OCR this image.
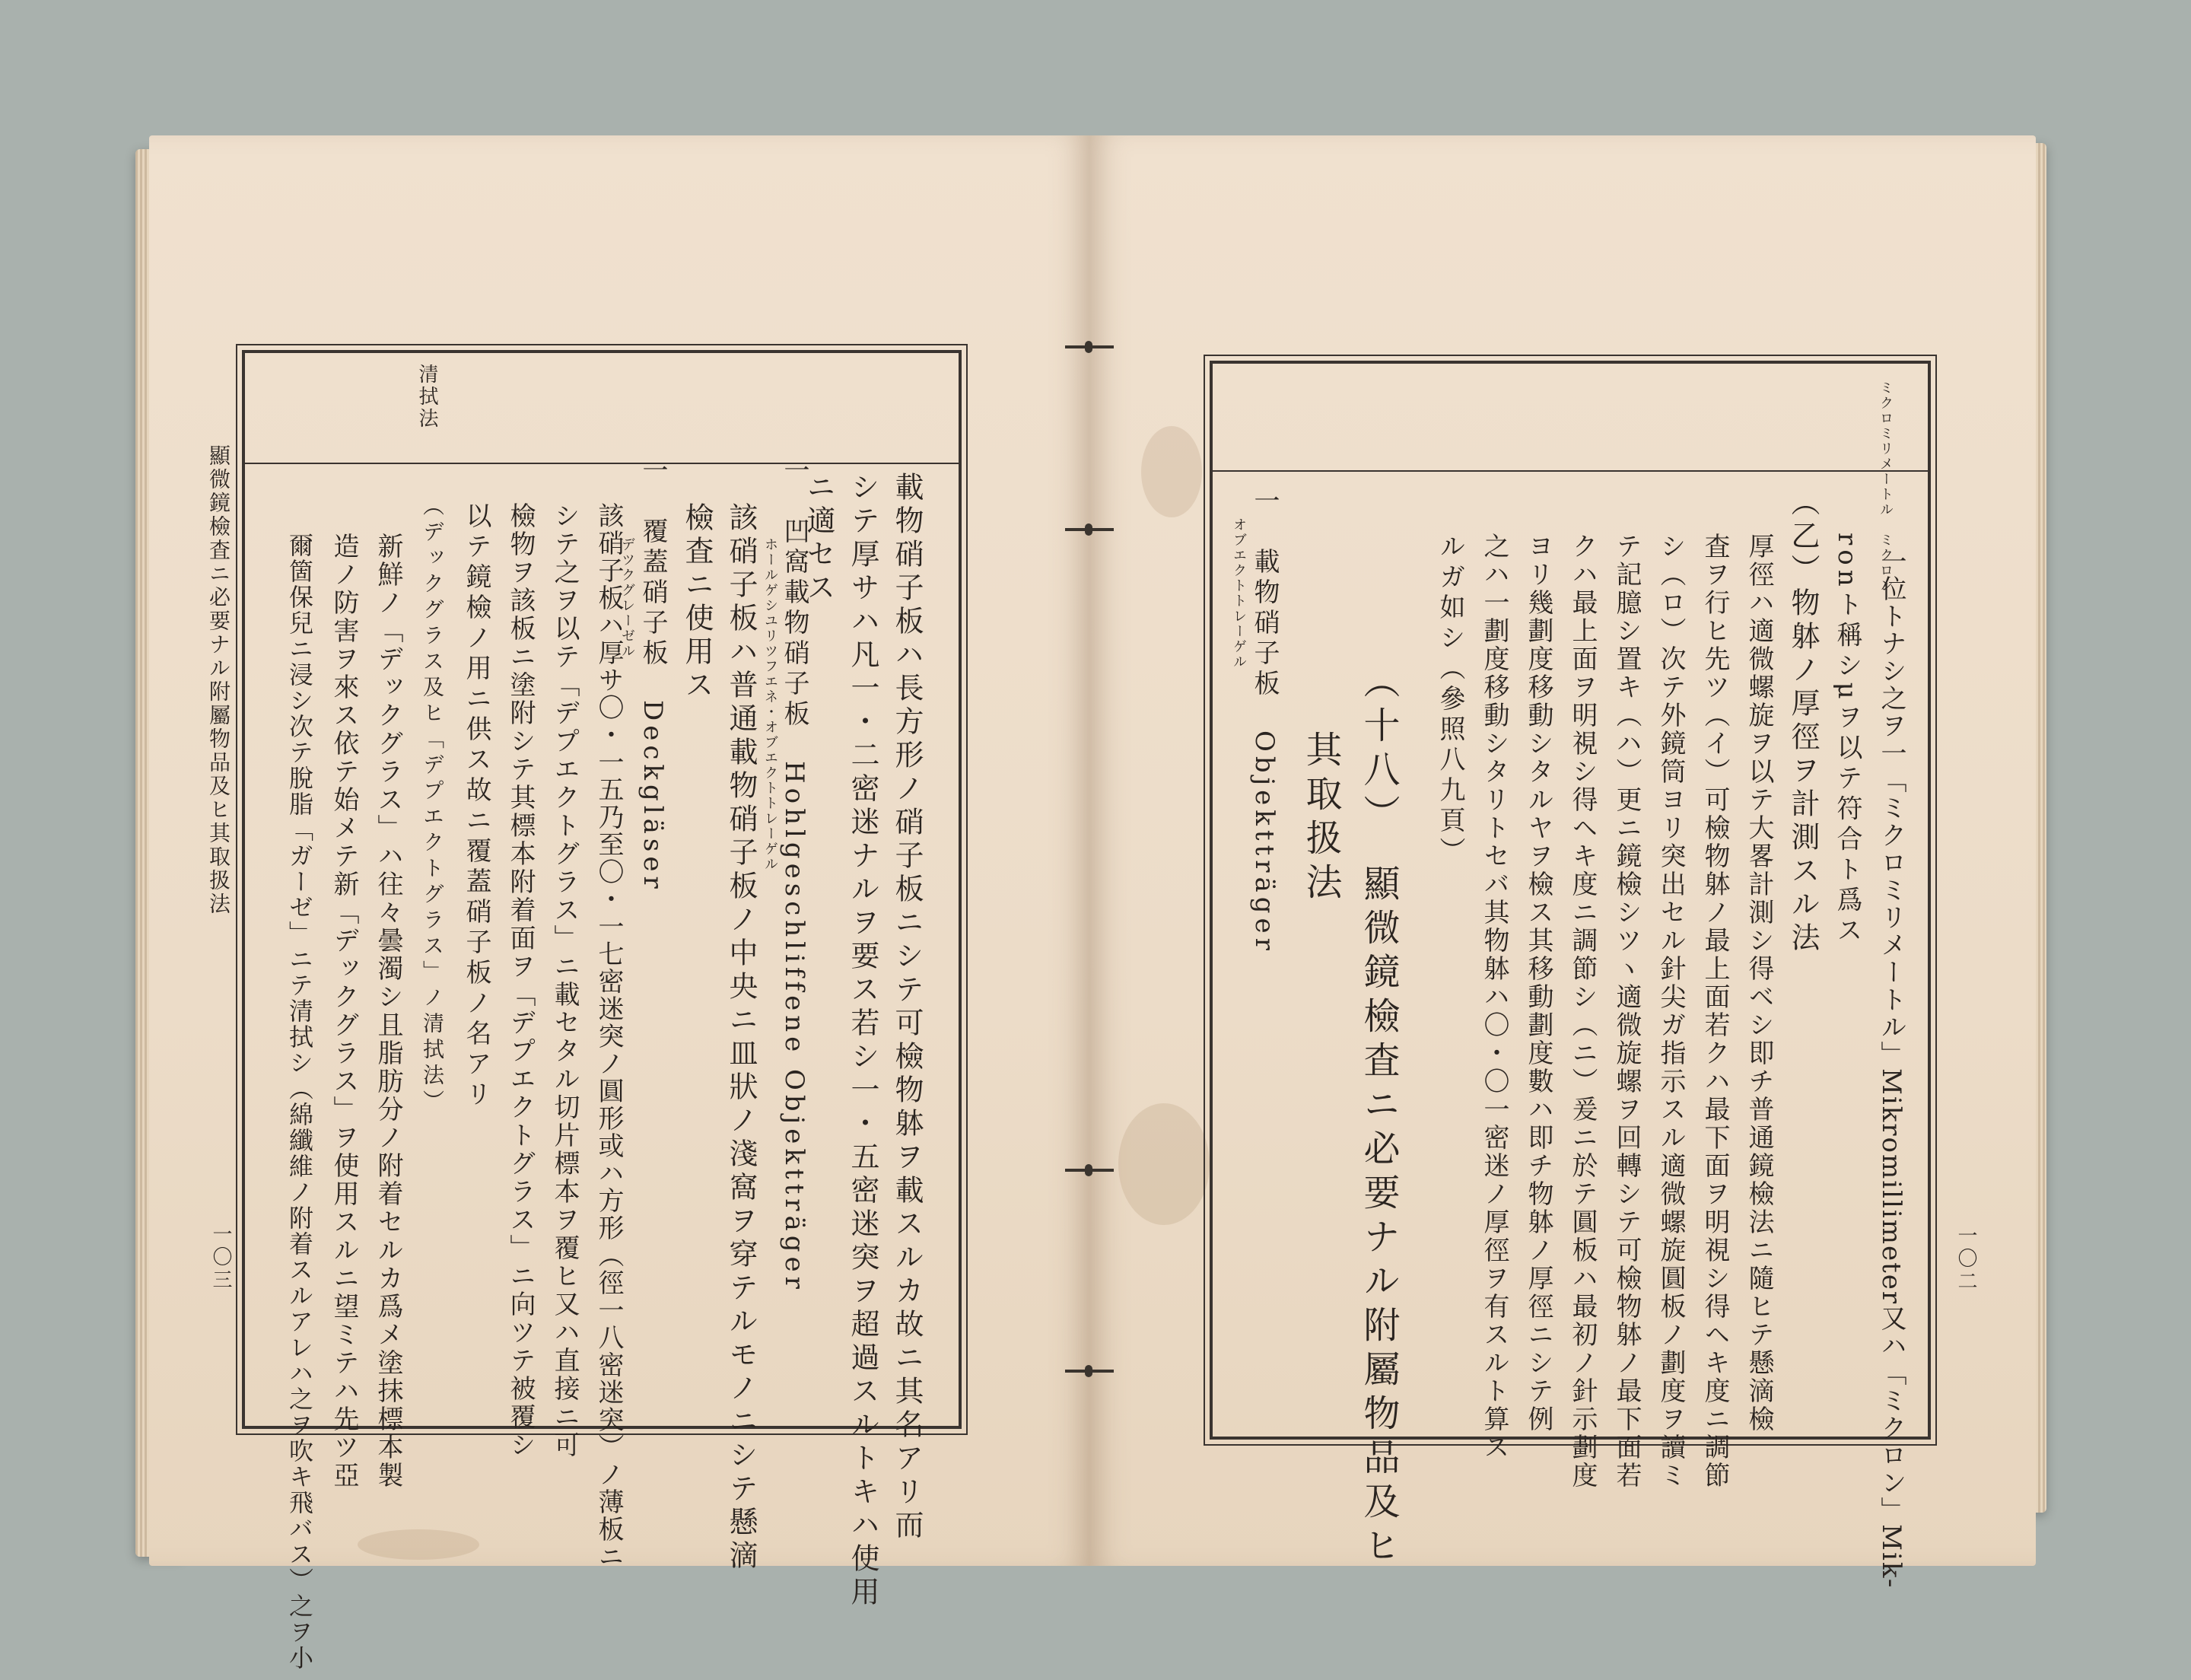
顯微鏡檢査ニ必要ナル附屬物品及ヒ其取扱法
一〇三	一〇二
清拭法
載物硝子板ハ長方形ノ硝子板ニシテ可檢物躰ヲ載スルカ故ニ其名アリ而
シテ厚サハ凡一・二密迷ナルヲ要ス若シ一・五密迷突ヲ超過スルトキハ使用
ニ適セス
一　凹窩載物硝子板　Hohlgeschliffene Objektträger
ホールゲシユリツフエネ・オブエクトトレーゲル
該硝子板ハ普通載物硝子板ノ中央ニ皿狀ノ淺窩ヲ穿テルモノニシテ懸滴
檢査ニ使用ス
一　覆蓋硝子板　Deckgläser
デツクグレーゼル
該硝子板ハ厚サ〇・一五乃至〇・一七密迷突ノ圓形或ハ方形（徑一八密迷突）ノ薄板ニ
シテ之ヲ以テ「デプエクトグラス」ニ載セタル切片標本ヲ覆ヒ又ハ直接ニ可
檢物ヲ該板ニ塗附シテ其標本附着面ヲ「デプエクトグラス」ニ向ツテ被覆シ
以テ鏡檢ノ用ニ供ス故ニ覆蓋硝子板ノ名アリ
（デックグラス及ヒ「デプエクトグラス」ノ清拭法）
新鮮ノ「デックグラス」ハ往々曇濁シ且脂肪分ノ附着セルカ爲メ塗抹標本製
造ノ防害ヲ來ス依テ始メテ新「デックグラス」ヲ使用スルニ望ミテハ先ツ亞
爾箇保兒ニ浸シ次テ脫脂「ガーゼ」ニテ清拭シ（綿纖維ノ附着スルアレハ之ヲ吹キ飛バス）之ヲ小
ミクロミリメートル　ミクロン
一位トナシ之ヲ一「ミクロミリメートル」Mikromillimeter又ハ「ミクロン」Mik-
ronト稱シμヲ以テ符合ト爲ス
（乙）物躰ノ厚徑ヲ計測スル法
厚徑ハ適微螺旋ヲ以テ大畧計測シ得ベシ即チ普通鏡檢法ニ隨ヒテ懸滴檢
査ヲ行ヒ先ツ（イ）可檢物躰ノ最上面若クハ最下面ヲ明視シ得ヘキ度ニ調節
シ（ロ）次テ外鏡筒ヨリ突出セル針尖ガ指示スル適微螺旋圓板ノ劃度ヲ讀ミ
テ記臆シ置キ（ハ）更ニ鏡檢シツヽ適微旋螺ヲ回轉シテ可檢物躰ノ最下面若
クハ最上面ヲ明視シ得ヘキ度ニ調節シ（ニ）爰ニ於テ圓板ハ最初ノ針示劃度
ヨリ幾劃度移動シタルヤヲ檢ス其移動劃度數ハ即チ物躰ノ厚徑ニシテ例
之ハ一劃度移動シタリトセバ其物躰ハ〇・〇一密迷ノ厚徑ヲ有スルト算ス
ルガ如シ（參照八九頁）
（十八）　顯微鏡檢査ニ必要ナル附屬物品及ヒ
其取扱法
一　載物硝子板　Objektträger
オブエクトトレーゲル
